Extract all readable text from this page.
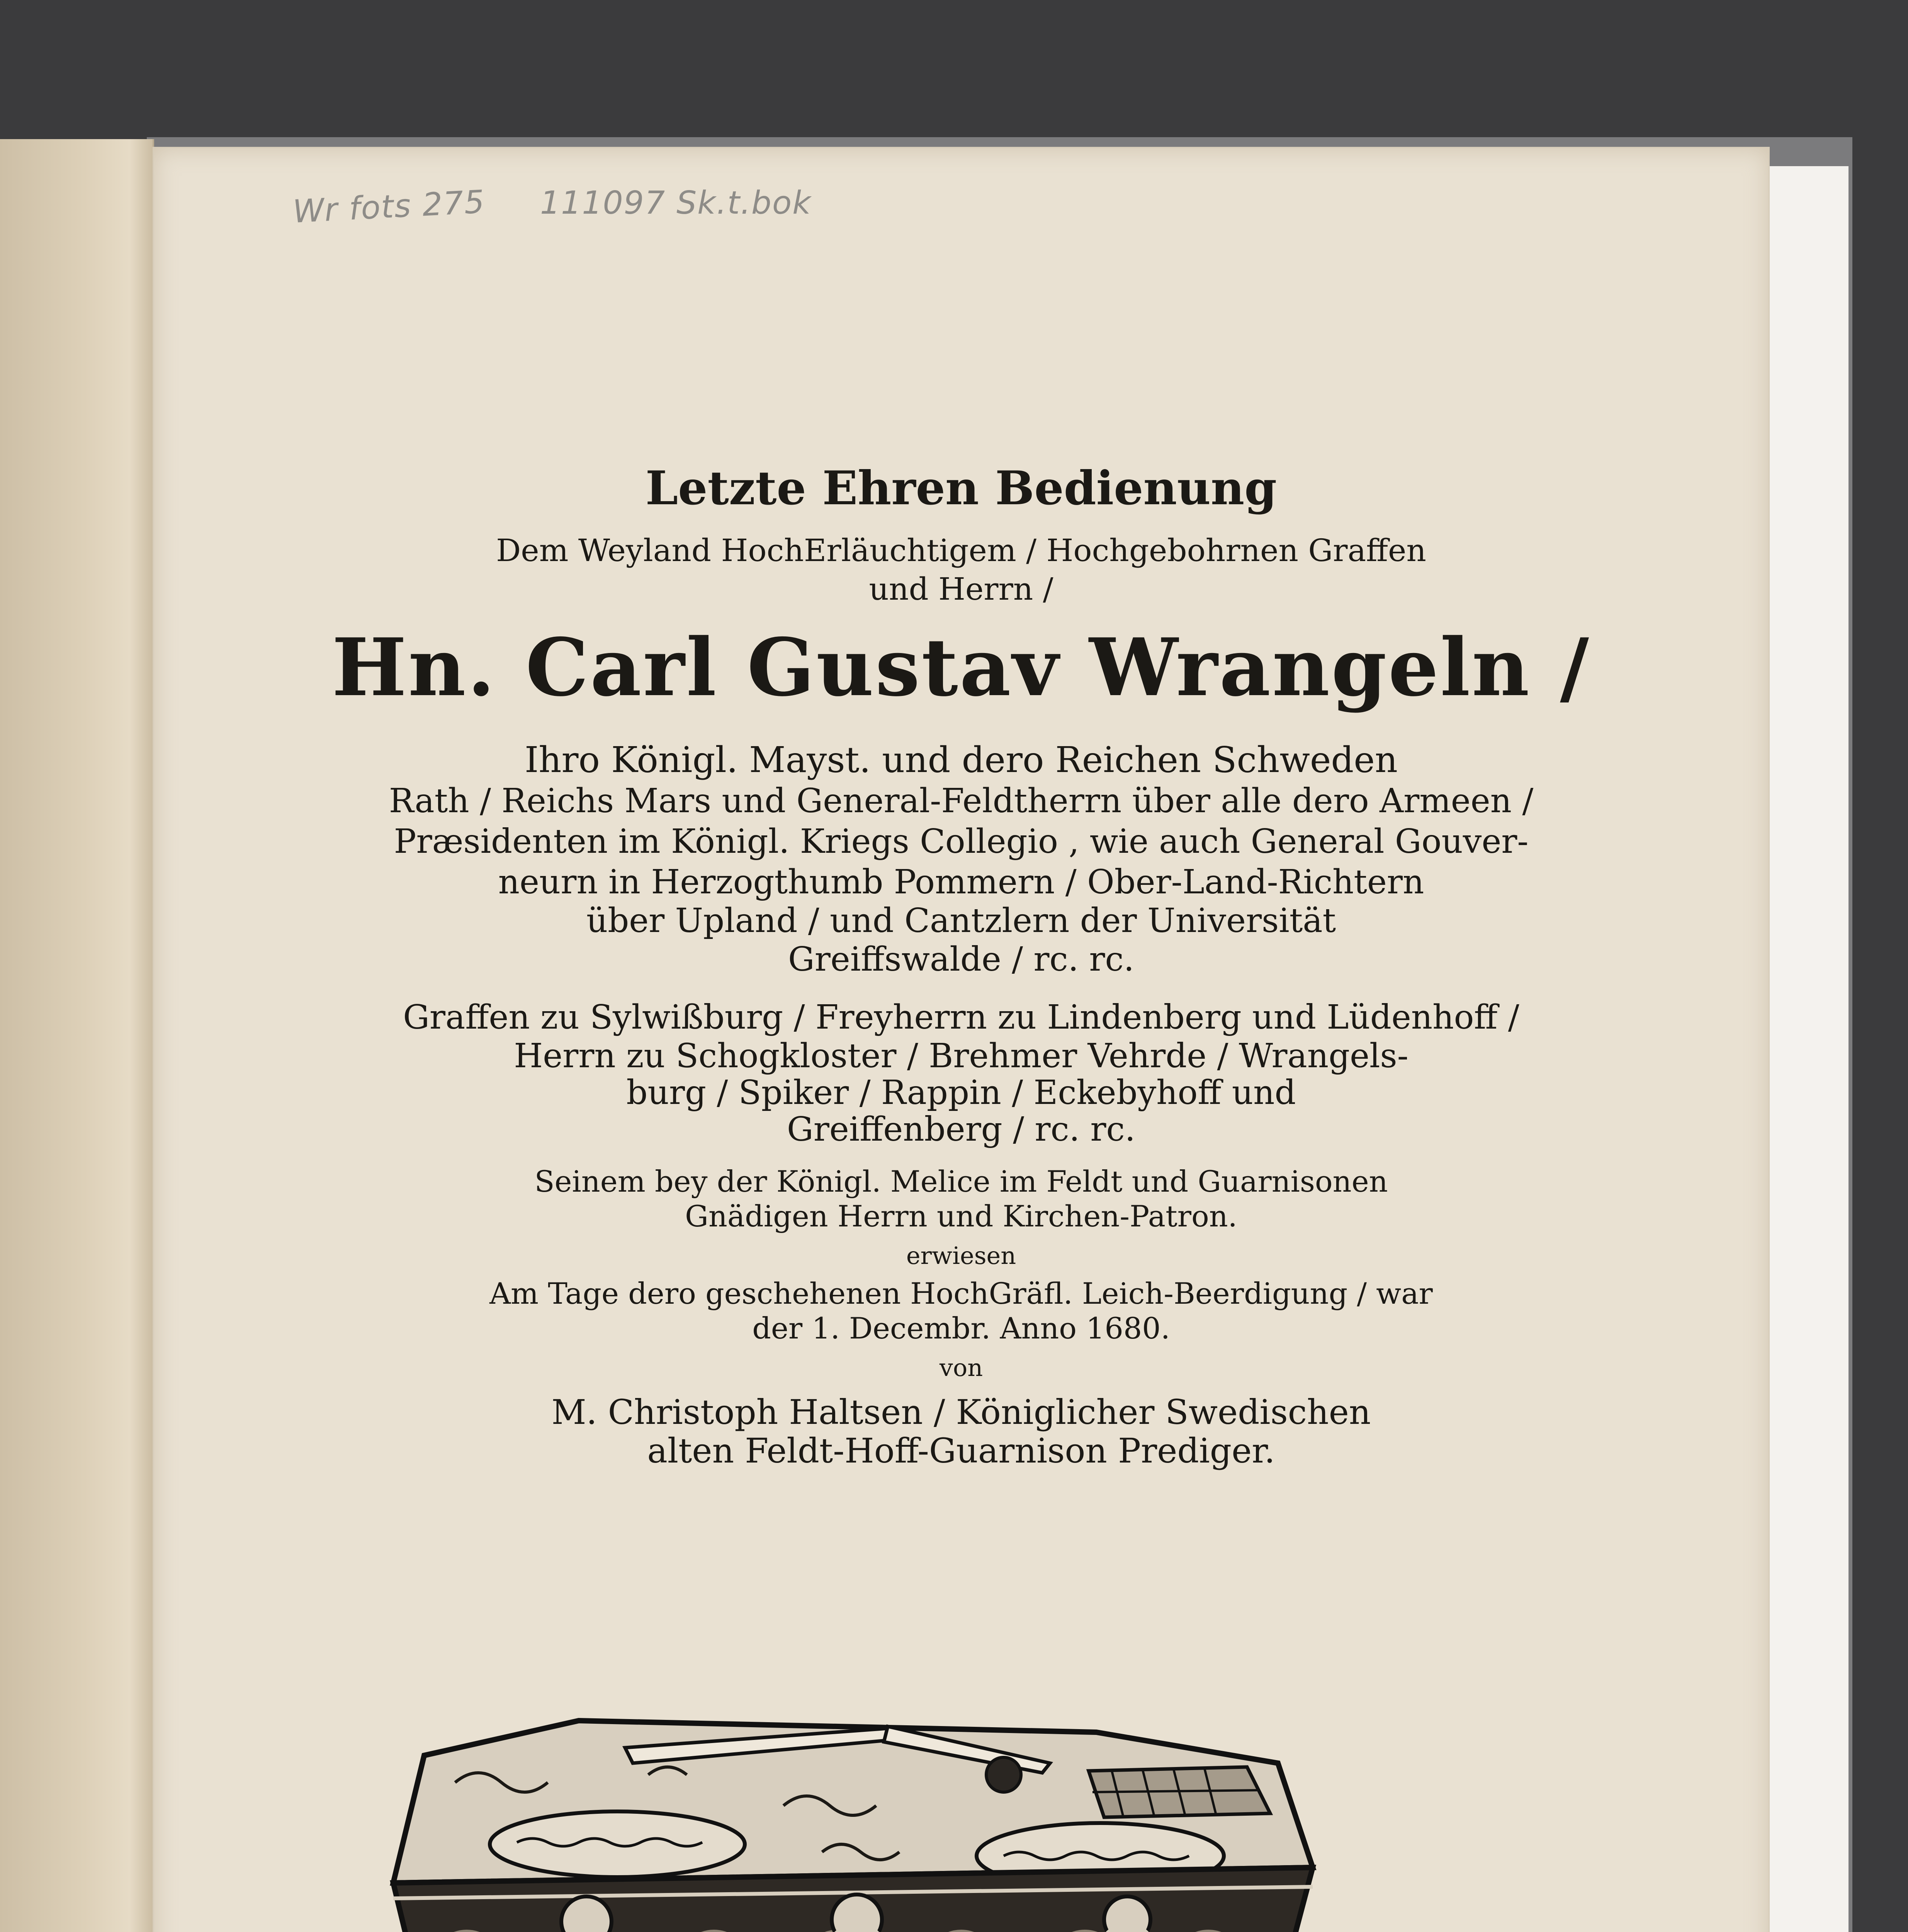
Wr fots 275 111097 Sk.t.bok
Letzte Ehren Bedienung
Dem Weyland HochErläuchtigem / Hochgebohrnen Graffen
und Herrn /
Hn. Carl Gustav Wrangeln /
Ihro Königl. Mayst. und dero Reichen Schweden
Rath / Reichs Mars und General-Feldtherrn über alle dero Armeen /
Præsidenten im Königl. Kriegs Collegio , wie auch General Gouver-
neurn in Herzogthumb Pommern / Ober-Land-Richtern
über Upland / und Cantzlern der Universität
Greiffswalde / rc. rc.
Graffen zu Sylwißburg / Freyherrn zu Lindenberg und Lüdenhoff /
Herrn zu Schogkloster / Brehmer Vehrde / Wrangels-
burg / Spiker / Rappin / Eckebyhoff und
Greiffenberg / rc. rc.
Seinem bey der Königl. Melice im Feldt und Guarnisonen
Gnädigen Herrn und Kirchen-Patron.
erwiesen
Am Tage dero geschehenen HochGräfl. Leich-Beerdigung / war
der 1. Decembr. Anno 1680.
von
M. Christoph Haltsen / Königlicher Swedischen
alten Feldt-Hoff-Guarnison Prediger.
